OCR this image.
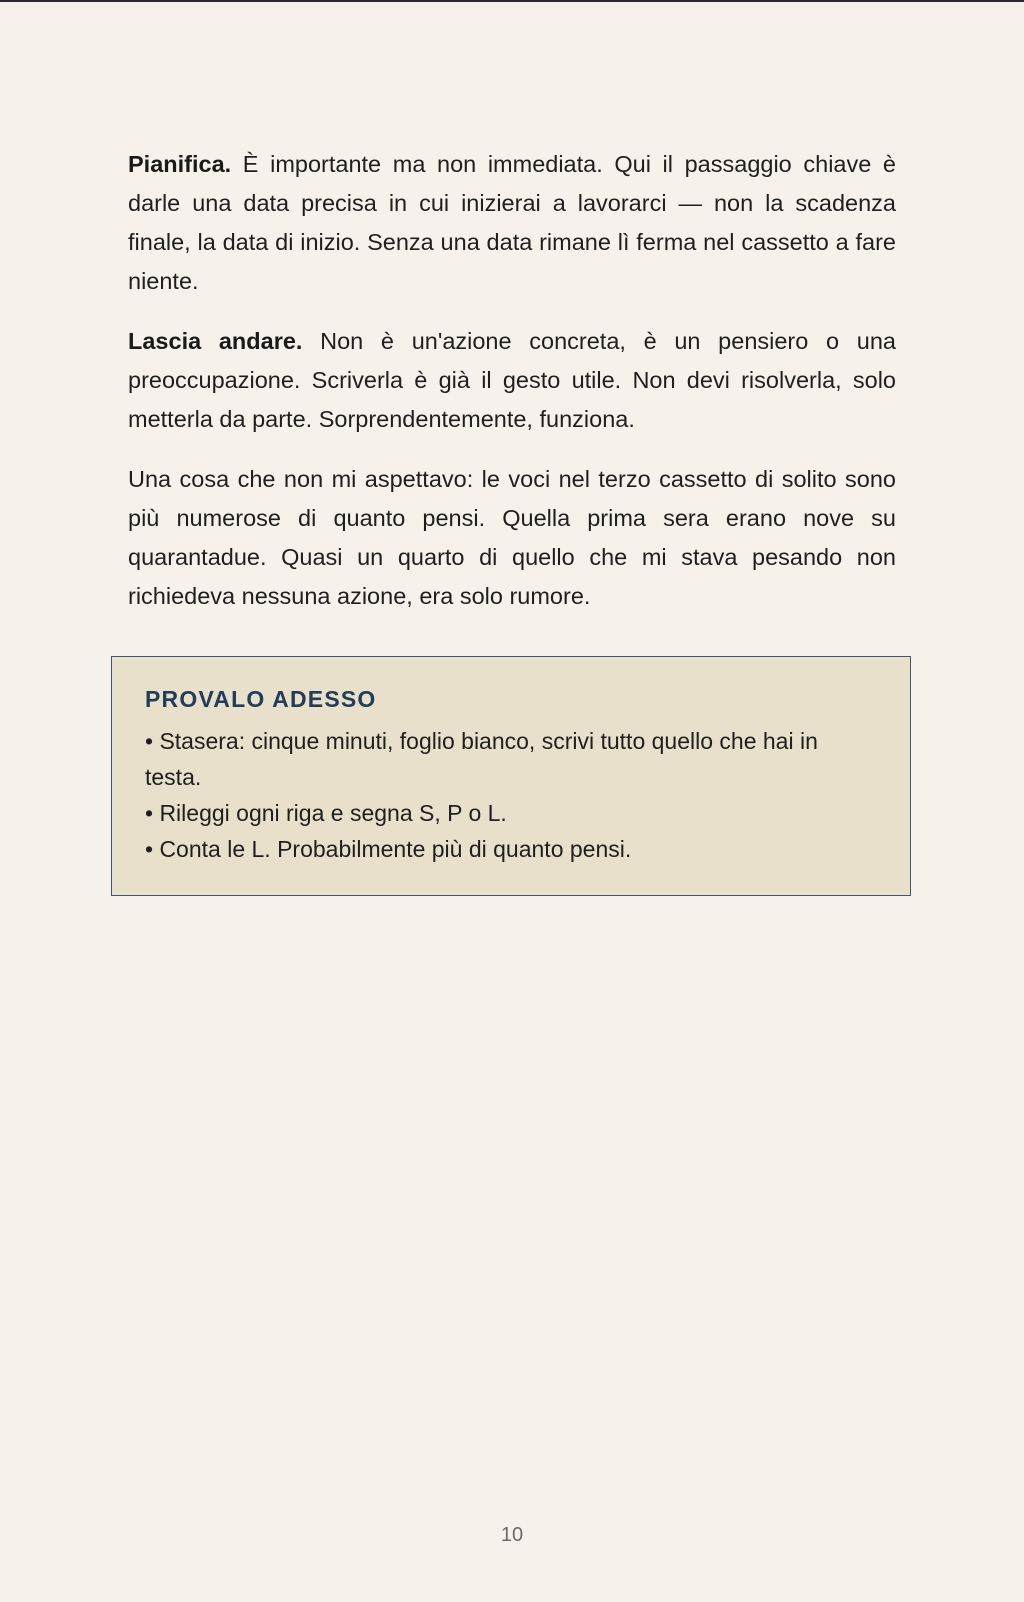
Pianifica. È importante ma non immediata. Qui il passaggio chiave è darle una data precisa in cui inizierai a lavorarci — non la scadenza finale, la data di inizio. Senza una data rimane lì ferma nel cassetto a fare niente.

Lascia andare. Non è un'azione concreta, è un pensiero o una preoccupazione. Scriverla è già il gesto utile. Non devi risolverla, solo metterla da parte. Sorprendentemente, funziona.

Una cosa che non mi aspettavo: le voci nel terzo cassetto di solito sono più numerose di quanto pensi. Quella prima sera erano nove su quarantadue. Quasi un quarto di quello che mi stava pesando non richiedeva nessuna azione, era solo rumore.

PROVALO ADESSO
• Stasera: cinque minuti, foglio bianco, scrivi tutto quello che hai in testa.
• Rileggi ogni riga e segna S, P o L.
• Conta le L. Probabilmente più di quanto pensi.
10
